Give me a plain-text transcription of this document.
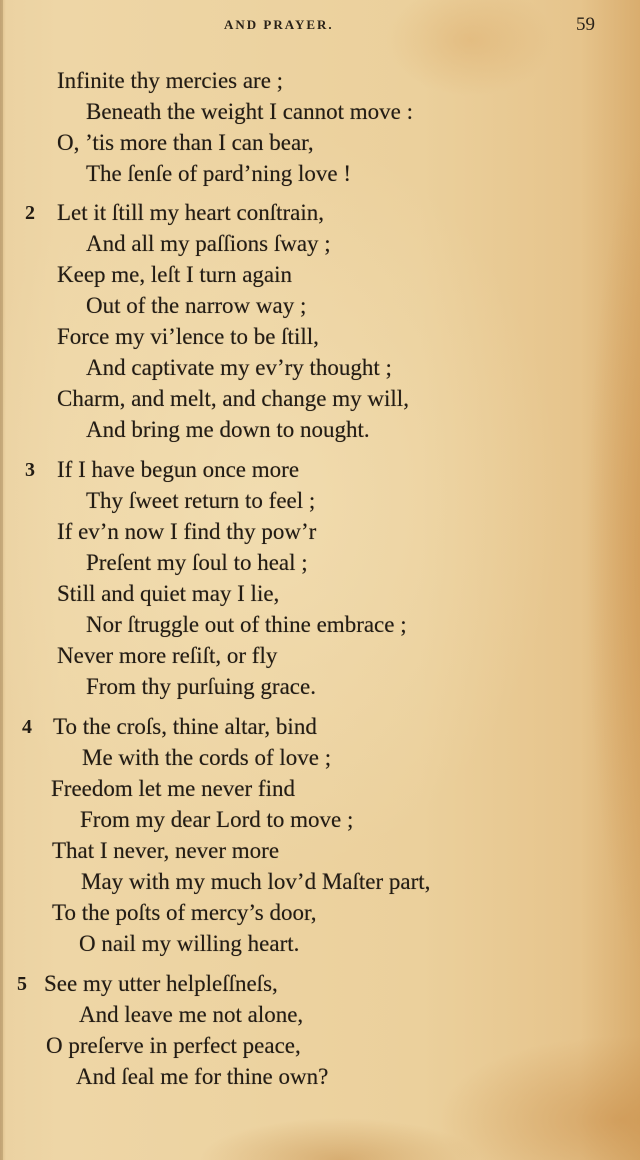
AND PRAYER.	59
Infinite thy mercies are ;
Beneath the weight I cannot move :
O, ’tis more than I can bear,
The ſenſe of pard’ning love !
2 Let it ſtill my heart conſtrain,
And all my paſſions ſway ;
Keep me, leſt I turn again
Out of the narrow way ;
Force my vi’lence to be ſtill,
And captivate my ev’ry thought ;
Charm, and melt, and change my will,
And bring me down to nought.
3 If I have begun once more
Thy ſweet return to feel ;
If ev’n now I find thy pow’r
Preſent my ſoul to heal ;
Still and quiet may I lie,
Nor ſtruggle out of thine embrace ;
Never more reſiſt, or fly
From thy purſuing grace.
4 To the croſs, thine altar, bind
Me with the cords of love ;
Freedom let me never find
From my dear Lord to move ;
That I never, never more
May with my much lov’d Maſter part,
To the poſts of mercy’s door,
O nail my willing heart.
5 See my utter helpleſſneſs,
And leave me not alone,
O preſerve in perfect peace,
And ſeal me for thine own?
